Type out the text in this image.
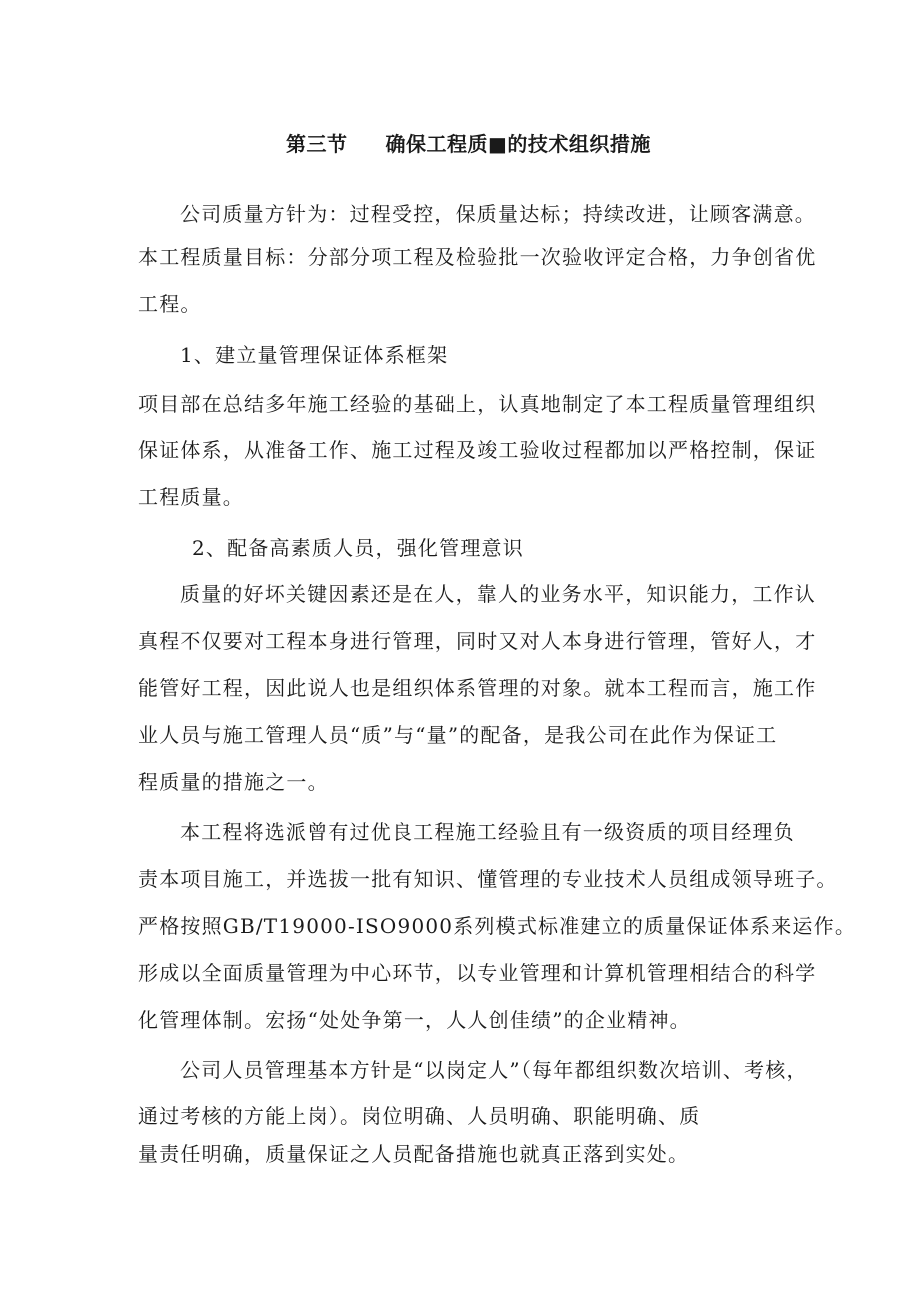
第三节 确保工程质■的技术组织措施
公司质量方针为：过程受控，保质量达标；持续改进，让顾客满意。
本工程质量目标：分部分项工程及检验批一次验收评定合格，力争创省优
工程。
1、建立量管理保证体系框架
项目部在总结多年施工经验的基础上，认真地制定了本工程质量管理组织
保证体系，从准备工作、施工过程及竣工验收过程都加以严格控制，保证
工程质量。
2、配备高素质人员，强化管理意识
质量的好坏关键因素还是在人，靠人的业务水平，知识能力，工作认
真程不仅要对工程本身进行管理，同时又对人本身进行管理，管好人，才
能管好工程，因此说人也是组织体系管理的对象。就本工程而言，施工作
业人员与施工管理人员“质”与“量”的配备，是我公司在此作为保证工
程质量的措施之一。
本工程将选派曾有过优良工程施工经验且有一级资质的项目经理负
责本项目施工，并选拔一批有知识、懂管理的专业技术人员组成领导班子。
严格按照GB/T19000-ISO9000系列模式标准建立的质量保证体系来运作。
形成以全面质量管理为中心环节，以专业管理和计算机管理相结合的科学
化管理体制。宏扬“处处争第一，人人创佳绩”的企业精神。
公司人员管理基本方针是“以岗定人”（每年都组织数次培训、考核，
通过考核的方能上岗）。岗位明确、人员明确、职能明确、质
量责任明确，质量保证之人员配备措施也就真正落到实处。
